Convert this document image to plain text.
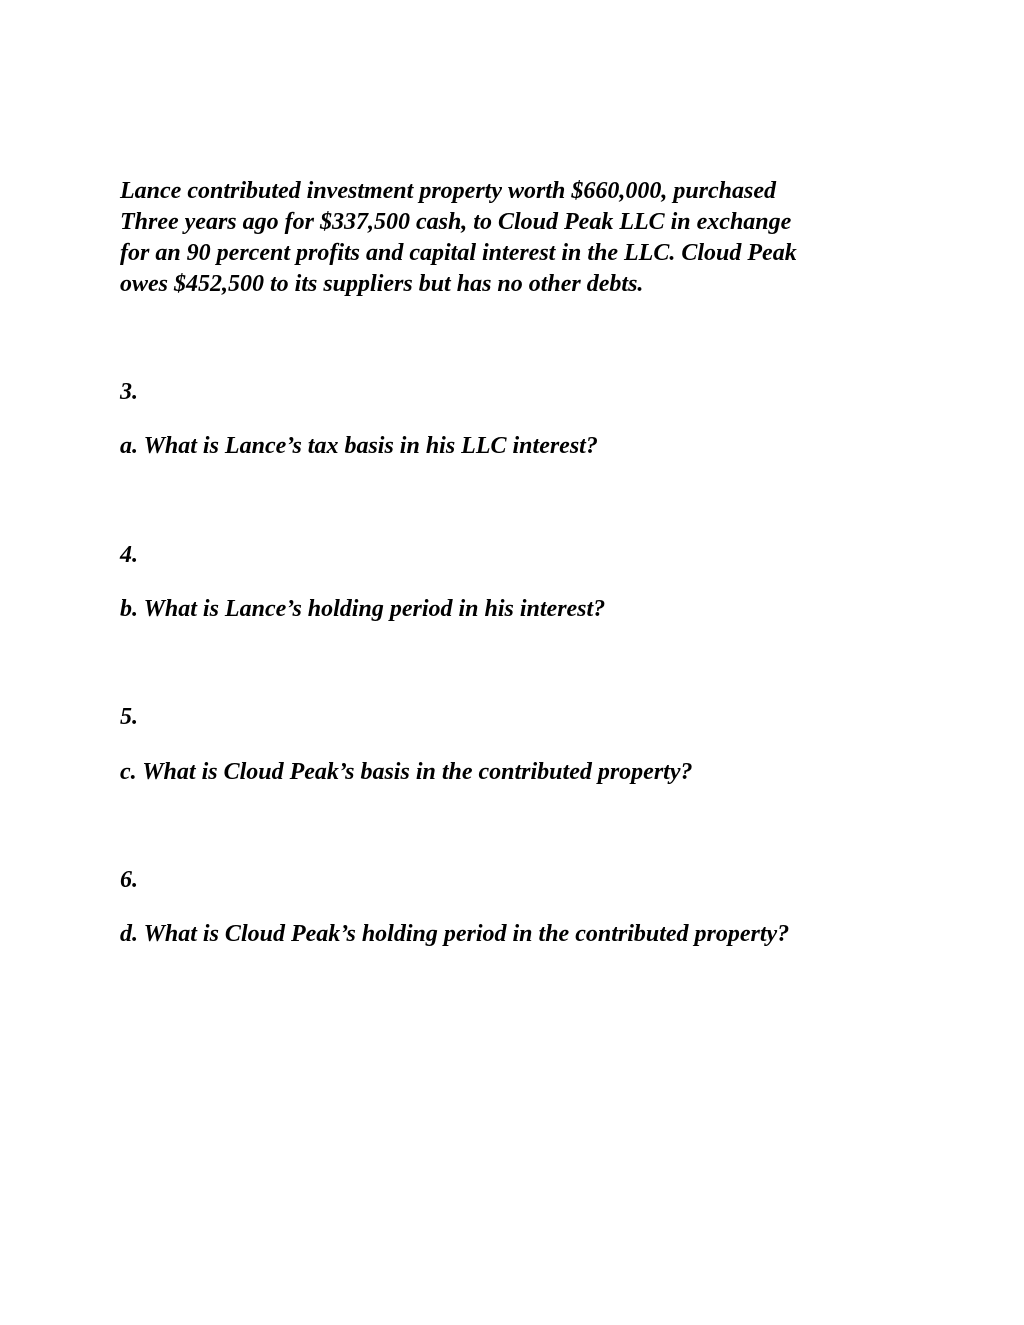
Lance contributed investment property worth $660,000, purchased

Three years ago for $337,500 cash, to Cloud Peak LLC in exchange

for an 90 percent profits and capital interest in the LLC. Cloud Peak

owes $452,500 to its suppliers but has no other debts.

3.

a. What is Lance’s tax basis in his LLC interest?

4.

b. What is Lance’s holding period in his interest?

5.

c. What is Cloud Peak’s basis in the contributed property?

6.

d. What is Cloud Peak’s holding period in the contributed property?
